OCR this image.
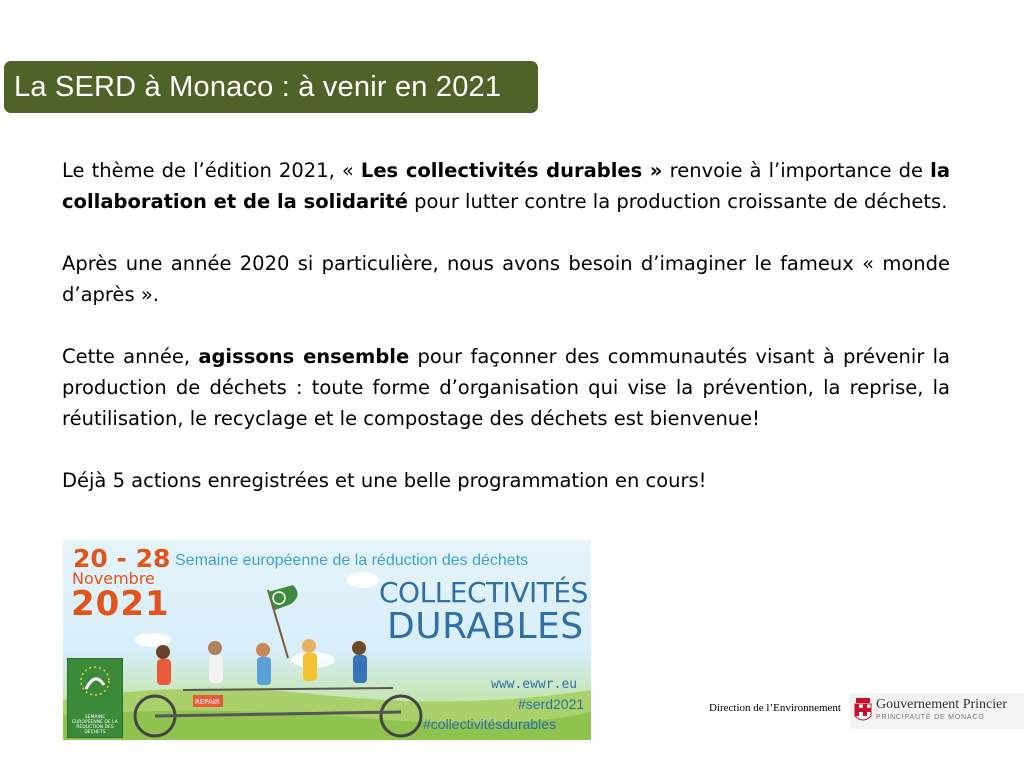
La SERD à Monaco : à venir en 2021

Le thème de l’édition 2021, « Les collectivités durables » renvoie à l’importance de la collaboration et de la solidarité pour lutter contre la production croissante de déchets.

Après une année 2020 si particulière, nous avons besoin d’imaginer le fameux « monde d’après ».

Cette année, agissons ensemble pour façonner des communautés visant à prévenir la production de déchets : toute forme d’organisation qui vise la prévention, la reprise, la réutilisation, le recyclage et le compostage des déchets est bienvenue!

Déjà 5 actions enregistrées et une belle programmation en cours!

REPAIR
20 - 28
Novembre
2021
Semaine européenne de la réduction des déchets
COLLECTIVITÉS
DURABLES
www.ewwr.eu
#serd2021
#collectivitésdurables
SEMAINE EUROPÉENNE DE LA RÉDUCTION DES DÉCHETS
Direction de l’Environnement	Gouvernement Princier
PRINCIPAUTÉ DE MONACO
